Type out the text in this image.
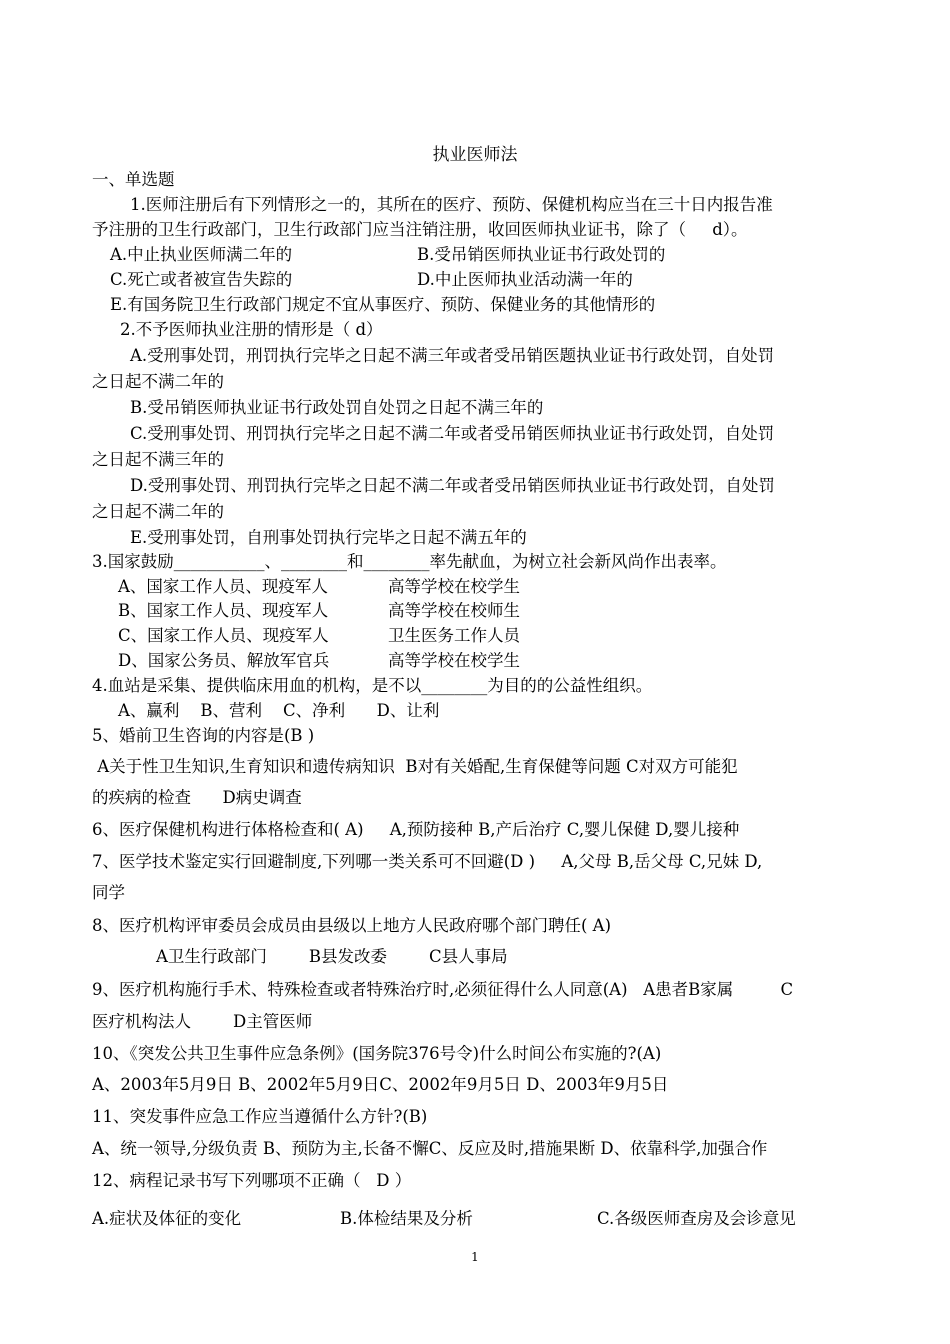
执业医师法
一、单选题
1.医师注册后有下列情形之一的，其所在的医疗、预防、保健机构应当在三十日内报告准
予注册的卫生行政部门，卫生行政部门应当注销注册，收回医师执业证书，除了（     d）。
A.中止执业医师满二年的	B.受吊销医师执业证书行政处罚的
C.死亡或者被宣告失踪的	D.中止医师执业活动满一年的
E.有国务院卫生行政部门规定不宜从事医疗、预防、保健业务的其他情形的
2.不予医师执业注册的情形是（ d）
A.受刑事处罚，刑罚执行完毕之日起不满三年或者受吊销医题执业证书行政处罚，自处罚
之日起不满二年的
B.受吊销医师执业证书行政处罚自处罚之日起不满三年的
C.受刑事处罚、刑罚执行完毕之日起不满二年或者受吊销医师执业证书行政处罚，自处罚
之日起不满三年的
D.受刑事处罚、刑罚执行完毕之日起不满二年或者受吊销医师执业证书行政处罚，自处罚
之日起不满二年的
E.受刑事处罚，自刑事处罚执行完毕之日起不满五年的
3.国家鼓励___________、________和________率先献血，为树立社会新风尚作出表率。
A、国家工作人员、现疫军人	高等学校在校学生
B、国家工作人员、现疫军人	高等学校在校师生
C、国家工作人员、现疫军人	卫生医务工作人员
D、国家公务员、解放军官兵	高等学校在校学生
4.血站是采集、提供临床用血的机构，是不以________为目的的公益性组织。
A、赢利    B、营利    C、净利      D、让利
5、婚前卫生咨询的内容是(B )
A关于性卫生知识,生育知识和遗传病知识  B对有关婚配,生育保健等问题 C对双方可能犯
的疾病的检查      D病史调查
6、医疗保健机构进行体格检查和( A)     A,预防接种 B,产后治疗 C,婴儿保健 D,婴儿接种
7、医学技术鉴定实行回避制度,下列哪一类关系可不回避(D )     A,父母 B,岳父母 C,兄妹 D,
同学
8、医疗机构评审委员会成员由县级以上地方人民政府哪个部门聘任( A)
A卫生行政部门        B县发改委        C县人事局
9、医疗机构施行手术、特殊检查或者特殊治疗时,必须征得什么人同意(A)   A患者B家属         C
医疗机构法人        D主管医师
10、《突发公共卫生事件应急条例》(国务院376号令)什么时间公布实施的?(A)
A、2003年5月9日 B、2002年5月9日C、2002年9月5日 D、2003年9月5日
11、突发事件应急工作应当遵循什么方针?(B)
A、统一领导,分级负责 B、预防为主,长备不懈C、反应及时,措施果断 D、依靠科学,加强合作
12、病程记录书写下列哪项不正确（   D ）
A.症状及体征的变化	B.体检结果及分析	C.各级医师查房及会诊意见
1
